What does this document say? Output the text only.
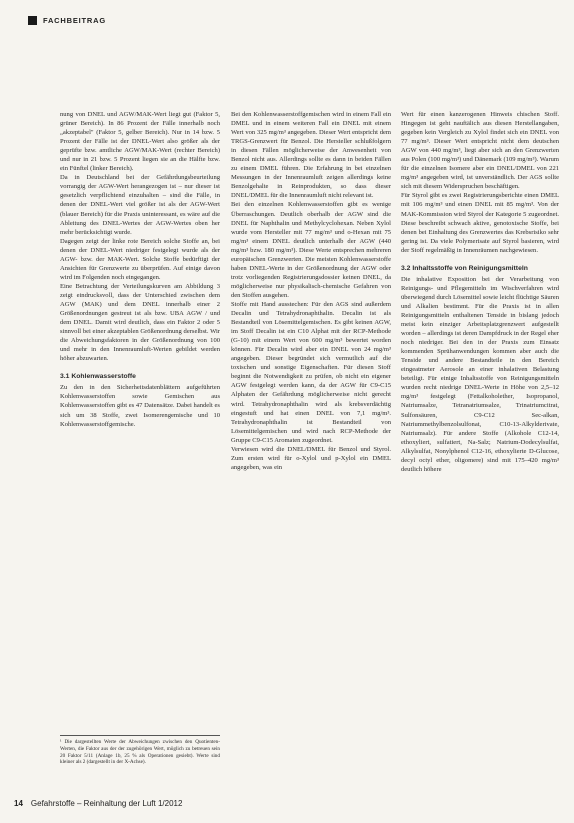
FACHBEITRAG

nung von DNEL und AGW/MAK-Wert liegt gut (Faktor 5, grüner Bereich). In 86 Prozent der Fälle innerhalb noch „akzeptabel" (Faktor 5, gelber Bereich). Nur in 14 bzw. 5 Prozent der Fälle ist der DNEL-Wert also größer als der geprüfte bzw. amtliche AGW/MAK-Wert (rechter Bereich) und nur in 21 bzw. 5 Prozent liegen sie an die Hälfte bzw. ein Fünftel (linker Bereich).

Da in Deutschland bei der Gefährdungsbeurteilung vorrangig der AGW-Wert herangezogen ist – nur dieser ist gesetzlich verpflichtend einzuhalten – sind die Fälle, in denen der DNEL-Wert viel größer ist als der AGW-Wert (blauer Bereich) für die Praxis uninteressant, es wäre auf die Ableitung des DNEL-Wertes der AGW-Wertes oben her mehr berücksichtigt wurde.

Dagegen zeigt der linke rote Bereich solche Stoffe an, bei denen der DNEL-Wert niedriger festgelegt wurde als der AGW- bzw. der MAK-Wert. Solche Stoffe bedürftigt der Ansichten für Grenzwerte zu überprüfen. Auf einige davon wird im Folgenden noch eingegangen.

Eine Betrachtung der Verteilungskurven am Abbildung 3 zeigt eindrucksvoll, dass der Unterschied zwischen dem AGW (MAK) und dem DNEL innerhalb einer 2 Größenordnungen gestreut ist als bzw. UBA AGW / und dem DNEL. Damit wird deutlich, dass ein Faktor 2 oder 5 sinnvoll bei einer akzeptablen Größenordnung derselbst. Wir die Abweichungsfaktoren in der Größenordnung von 100 und mehr in den Innenraumluft-Werten gebildet werden höher abzuwarten.

3.1 Kohlenwasserstoffe

Zu den in den Sicherheitsdatenblättern aufgeführten Kohlenwasserstoffen sowie Gemischen aus Kohlenwasserstoffen gibt es 47 Datensätze. Dabei handelt es sich um 38 Stoffe, zwei Isomerengemische und 10 Kohlenwasserstoffgemische.

Bei den Kohlenwasserstoffgemischen wird in einem Fall ein DMEL und in einem weiteren Fall ein DNEL mit einem Wert von 325 mg/m³ angegeben. Dieser Wert entspricht dem TRGS-Grenzwert für Benzol. Die Hersteller schlußfolgern in diesen Fällen möglicherweise der Anwesenheit von Benzol nicht aus. Allerdings sollte es dann in beiden Fällen zu einem DMEL führen. Die Erfahrung in bei einzelnen Messungen in der Innenraumluft zeigen allerdings keine Benzolgehalte in Reinprodukten, so dass dieser DNEL/DMEL für die Innenraumluft nicht relevant ist.

Bei den einzelnen Kohlenwasserstoffen gibt es wenige Überraschungen. Deutlich oberhalb der AGW sind die DNEL für Naphthalin und Methylcyclohexan. Neben Xylol wurde vom Hersteller mit 77 mg/m³ und o-Hexan mit 75 mg/m³ einem DNEL deutlich unterhalb der AGW (440 mg/m³ bzw. 180 mg/m³). Diese Werte entsprechen mehreren europäischen Grenzwerten. Die meisten Kohlenwasserstoffe haben DNEL-Werte in der Größenordnung der AGW oder trotz vorliegenden Registrierungsdossier keinen DNEL, da möglicherweise nur physikalisch-chemische Gefahren von den Stoffen ausgehen.

Stoffe mit Hand ausstechen: Für den AGS sind außerdem Decalin und Tetrahydronaphthalin. Decalin ist als Bestandteil von Lösemittelgemischen. Es gibt keinen AGW, im Stoff Decalin ist ein C10 Alphat mit der RCP-Methode (G-10) mit einem Wert von 600 mg/m³ bewertet worden können. Für Decalin wird aber ein DNEL von 24 mg/m³ angegeben. Dieser begründet sich vermutlich auf die toxischen und sonstige Eigenschaften. Für diesen Stoff beginnt die Notwendigkeit zu prüfen, ob nicht ein eigener AGW festgelegt werden kann, da der AGW für C9-C15 Alphaten der Gefährdung möglicherweise nicht gerecht wird. Tetrahydronaphthalin wird als krebsverdächtig eingestuft und hat einen DNEL von 7,1 mg/m³. Tetrahydronaphthalin ist Bestandteil von Lösemittelgemischen und wird nach RCP-Methode der Gruppe C9-C15 Aromaten zugeordnet.

Verwiesen wird die DNEL/DMEL für Benzol und Styrol. Zum ersten wird für o-Xylol und p-Xylol ein DMEL angegeben, was ein

Wert für einen kanzerogenen Hinweis chischen Stoff. Hingegen ist geht nauftälich aus diesen Herstellangaben, gegeben kein Vergleich zu Xylol findet sich ein DNEL von 77 mg/m³. Dieser Wert entspricht nicht dem deutschen AGW von 440 mg/m³, liegt aber sich an den Grenzwerten aus Polen (100 mg/m³) und Dänemark (109 mg/m³). Warum für die einzelnen Isomere aber ein DNEL/DMEL von 221 mg/m³ angegeben wird, ist unverständlich. Der AGS sollte sich mit diesem Widerspruchen beschäftigen.

Für Styrol gibt es zwei Registrierungsberichte einen DMEL mit 106 mg/m³ und einen DNEL mit 85 mg/m³. Von der MAK-Kommission wird Styrol der Kategorie 5 zugeordnet. Diese beschreibt schwach aktive, genotoxische Stoffe, bei denen bei Einhaltung des Grenzwertes das Krebsrisiko sehr gering ist. Da viele Polymerisate auf Styrol basieren, wird der Stoff regelmäßig in Innenräumen nachgewiesen.

3.2 Inhaltsstoffe von Reinigungsmitteln

Die inhalative Exposition bei der Verarbeitung von Reinigungs- und Pflegemitteln im Wischverfahren wird überwiegend durch Lösemittel sowie leicht flüchtige Säuren und Alkalien bestimmt. Für die Praxis ist in allen Reinigungsmitteln enthaltenen Tenside in bislang jedoch meist kein einziger Arbeitsplatzgrenzwert aufgestellt worden – allerdings ist deren Dampfdruck in der Regel eher noch niedriger. Bei den in der Praxis zum Einsatz kommenden Sprühanwendungen kommen aber auch die Tenside und andere Bestandteile in den Bereich eingeatmeter Aerosole an einer inhalativen Belastung beteiligt. Für einige Inhaltsstoffe von Reinigungsmitteln wurden recht niedrige DNEL-Werte in Höhe von 2,5–12 mg/m³ festgelegt (Fettalkoholether, Isopropanol, Natriumsalze, Tetranatriumsalze, Trinatriumcitrat, Sulfonsäuren, C9-C12 Sec-alkan, Natriummethylbenzolsulfonat, C10-13-Alkylderivate, Natriumsalz). Für andere Stoffe (Alkohole C12-14, ethoxyliert, sulfatiert, Na-Salz; Natrium-Dodecylsulfat, Alkylsulfat, Nonylphenol C12-16, ethoxylierte D-Glucose, decyl octyl ether, oligomere) sind mit 175–420 mg/m³ deutlich höhere

¹ Die dargestellten Werte der Abweichungen zwischen den Quotienten-Werten, die Faktor aus der der zugehörigen Wert, möglich zu betreuen sein 20 Faktor 5/11 (Anlage 1b, 25 % als Operationen gesiebt). Werte sind kleiner als 2 (dargestellt in der X-Achse).
14 Gefahrstoffe – Reinhaltung der Luft 1/2012
